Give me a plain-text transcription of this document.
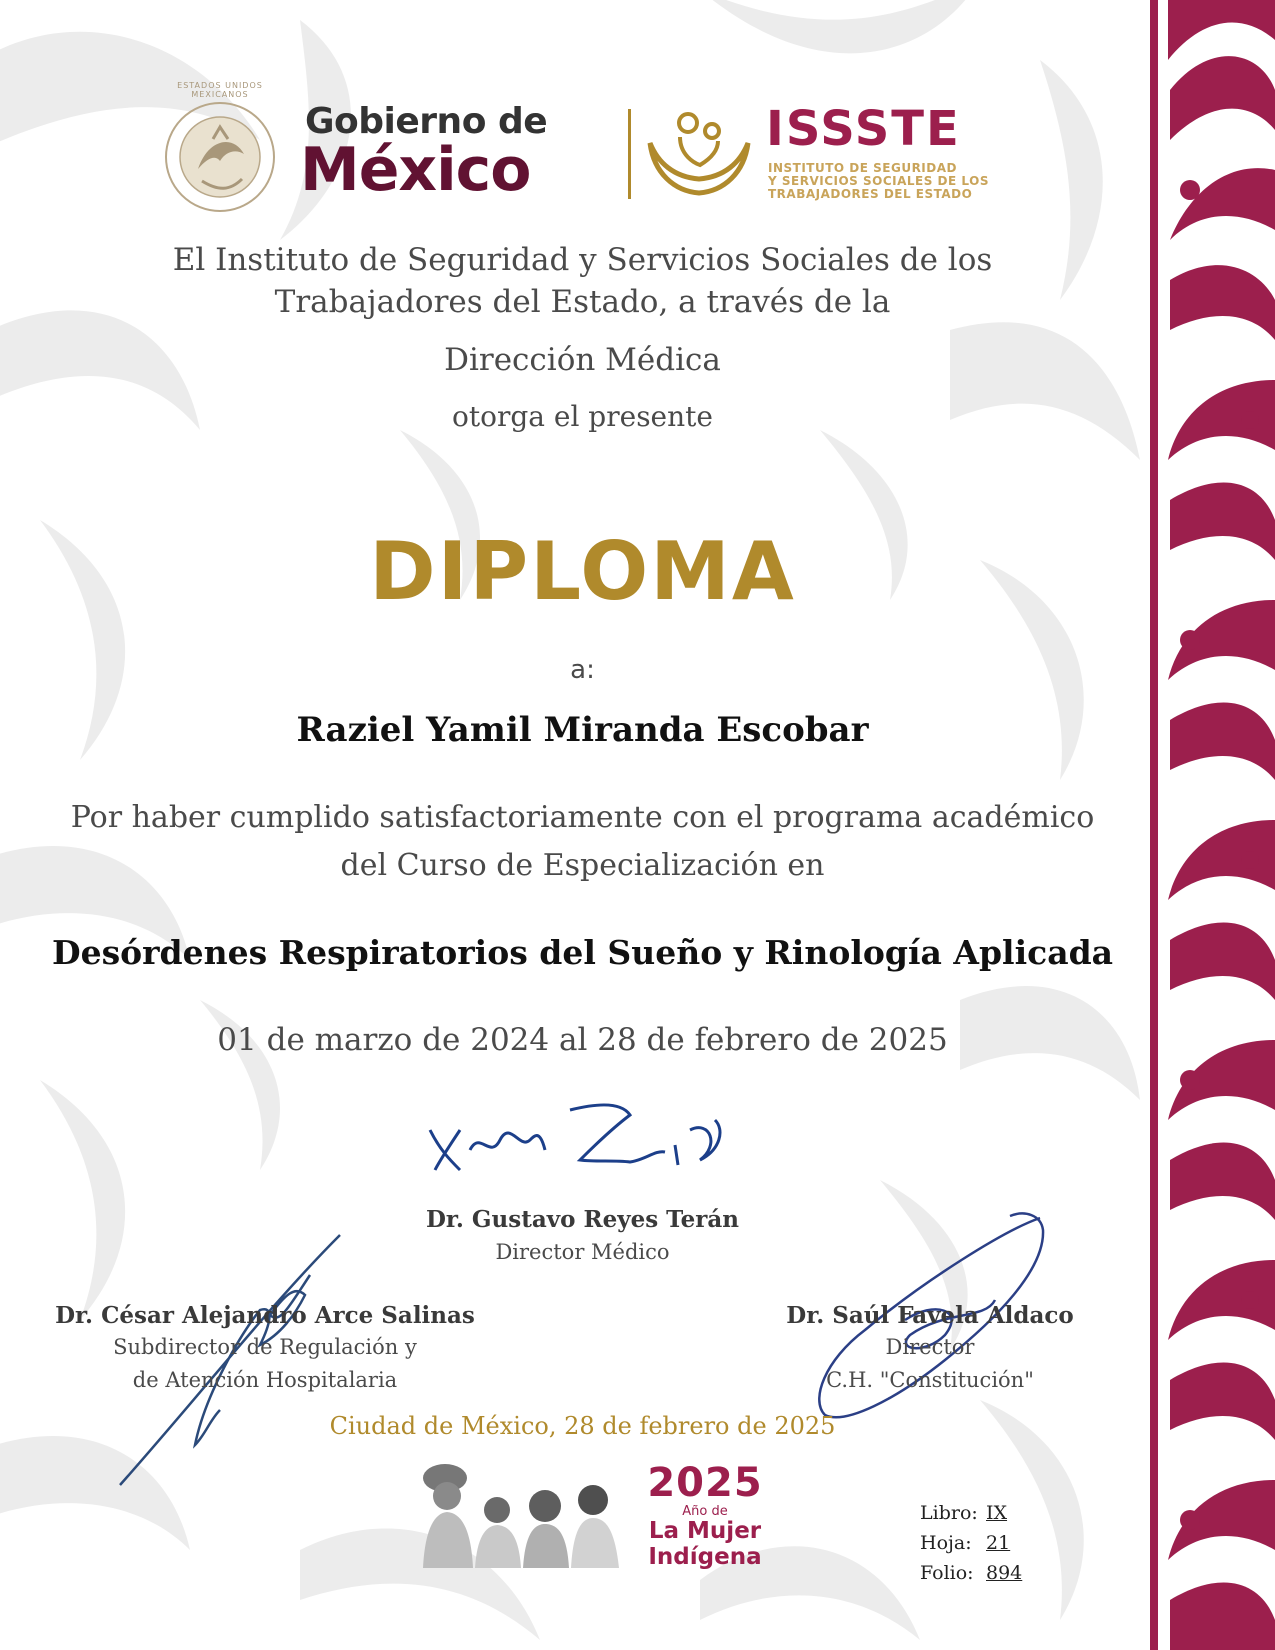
ESTADOS UNIDOS MEXICANOS
Gobierno de
México
ISSSTE
INSTITUTO DE SEGURIDAD
Y SERVICIOS SOCIALES DE LOS
TRABAJADORES DEL ESTADO
El Instituto de Seguridad y Servicios Sociales de los
Trabajadores del Estado, a través de la
Dirección Médica
otorga el presente
DIPLOMA
a:
Raziel Yamil Miranda Escobar
Por haber cumplido satisfactoriamente con el programa académico
del Curso de Especialización en
Desórdenes Respiratorios del Sueño y Rinología Aplicada
01 de marzo de 2024 al 28 de febrero de 2025
Dr. Gustavo Reyes Terán
Director Médico
Dr. César Alejandro Arce Salinas
Subdirector de Regulación y
de Atención Hospitalaria
Dr. Saúl Favela Aldaco
Director
C.H. "Constitución"
Ciudad de México, 28 de febrero de 2025
2025
Año de
La Mujer
Indígena
Libro: IX
Hoja: 21
Folio: 894
